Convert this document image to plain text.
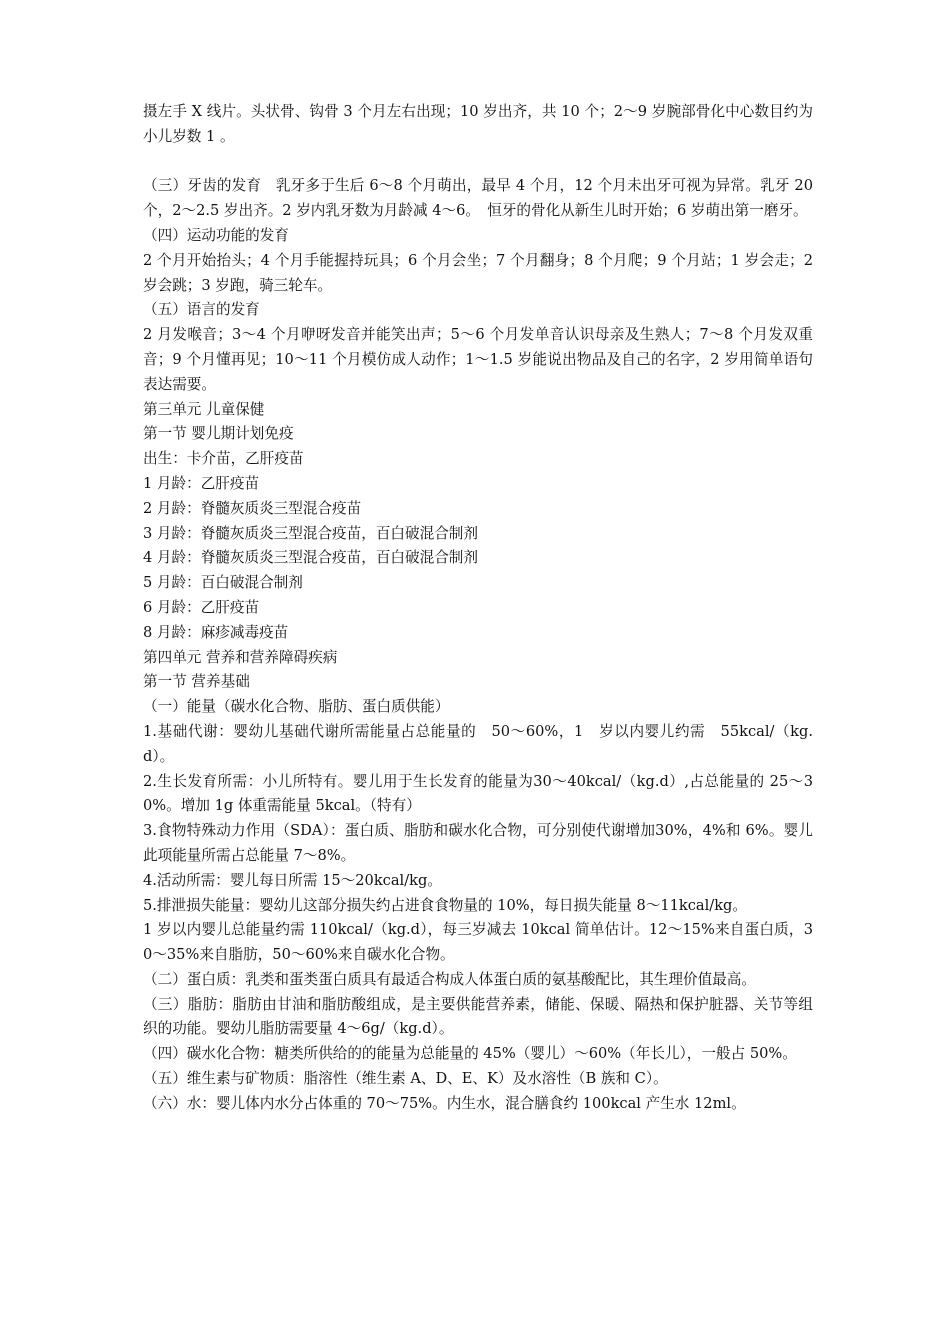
摄左手 X 线片。头状骨、钩骨 3 个月左右出现；10 岁出齐，共 10 个；2～9 岁腕部骨化中心数目约为小儿岁数 1 。

（三）牙齿的发育　乳牙多于生后 6～8 个月萌出，最早 4 个月，12 个月未出牙可视为异常。乳牙 20 个，2～2.5 岁出齐。2 岁内乳牙数为月龄减 4～6。　恒牙的骨化从新生儿时开始；6 岁萌出第一磨牙。

（四）运动功能的发育

2 个月开始抬头；4 个月手能握持玩具；6 个月会坐；7 个月翻身；8 个月爬；9 个月站；1 岁会走；2 岁会跳；3 岁跑，骑三轮车。

（五）语言的发育

2 月发喉音；3～4 个月咿呀发音并能笑出声；5～6 个月发单音认识母亲及生熟人；7～8 个月发双重音；9 个月懂再见；10～11 个月模仿成人动作；1～1.5 岁能说出物品及自己的名字，2 岁用简单语句表达需要。

第三单元 儿童保健

第一节 婴儿期计划免疫

出生：卡介苗，乙肝疫苗

1 月龄：乙肝疫苗

2 月龄：脊髓灰质炎三型混合疫苗

3 月龄：脊髓灰质炎三型混合疫苗，百白破混合制剂

4 月龄：脊髓灰质炎三型混合疫苗，百白破混合制剂

5 月龄：百白破混合制剂

6 月龄：乙肝疫苗

8 月龄：麻疹减毒疫苗

第四单元 营养和营养障碍疾病

第一节 营养基础

（一）能量（碳水化合物、脂肪、蛋白质供能）

1.基础代谢：婴幼儿基础代谢所需能量占总能量的　50～60%，1　岁以内婴儿约需　55kcal/（kg.d）。

2.生长发育所需：小儿所特有。婴儿用于生长发育的能量为30～40kcal/（kg.d）,占总能量的 25～30%。增加 1g 体重需能量 5kcal。（特有）

3.食物特殊动力作用（SDA）：蛋白质、脂肪和碳水化合物，可分别使代谢增加30%，4%和 6%。婴儿此项能量所需占总能量 7～8%。

4.活动所需：婴儿每日所需 15～20kcal/kg。

5.排泄损失能量：婴幼儿这部分损失约占进食食物量的 10%，每日损失能量 8～11kcal/kg。

1 岁以内婴儿总能量约需 110kcal/（kg.d），每三岁减去 10kcal 简单估计。12～15%来自蛋白质，30～35%来自脂肪，50～60%来自碳水化合物。

（二）蛋白质：乳类和蛋类蛋白质具有最适合构成人体蛋白质的氨基酸配比，其生理价值最高。

（三）脂肪：脂肪由甘油和脂肪酸组成，是主要供能营养素，储能、保暖、隔热和保护脏器、关节等组织的功能。婴幼儿脂肪需要量 4～6g/（kg.d）。

（四）碳水化合物：糖类所供给的的能量为总能量的 45%（婴儿）～60%（年长儿），一般占 50%。

（五）维生素与矿物质：脂溶性（维生素 A、D、E、K）及水溶性（B 族和 C）。

（六）水：婴儿体内水分占体重的 70～75%。内生水，混合膳食约 100kcal 产生水 12ml。
